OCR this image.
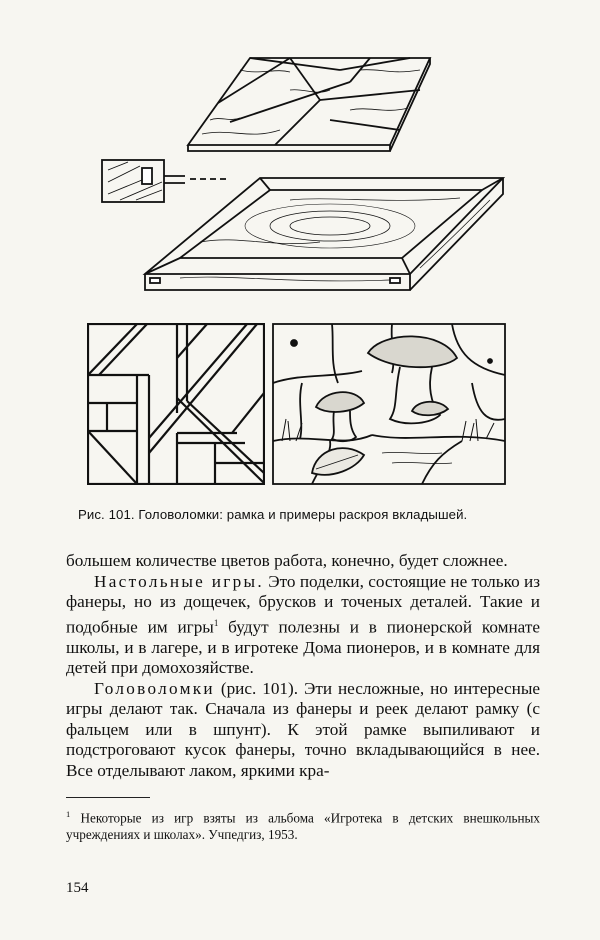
Рис. 101. Головоломки: рамка и примеры раскроя вкладышей.

большем количестве цветов работа, конечно, будет сложнее.

Настольные игры. Это поделки, состоящие не только из фанеры, но из дощечек, брусков и точеных деталей. Такие и подобные им игры$^1$ будут полезны и в пионерской комнате школы, и в лагере, и в игротеке Дома пионеров, и в комнате для детей при домохозяйстве.

Головоломки (рис. 101). Эти несложные, но интересные игры делают так. Сначала из фанеры и реек делают рамку (с фальцем или в шпунт). К этой рамке выпиливают и подстроговают кусок фанеры, точно вкладывающийся в нее. Все отделывают лаком, яркими кра-

$^1$ Некоторые из игр взяты из альбома «Игротека в детских внешкольных учреждениях и школах». Учпедгиз, 1953.
154
